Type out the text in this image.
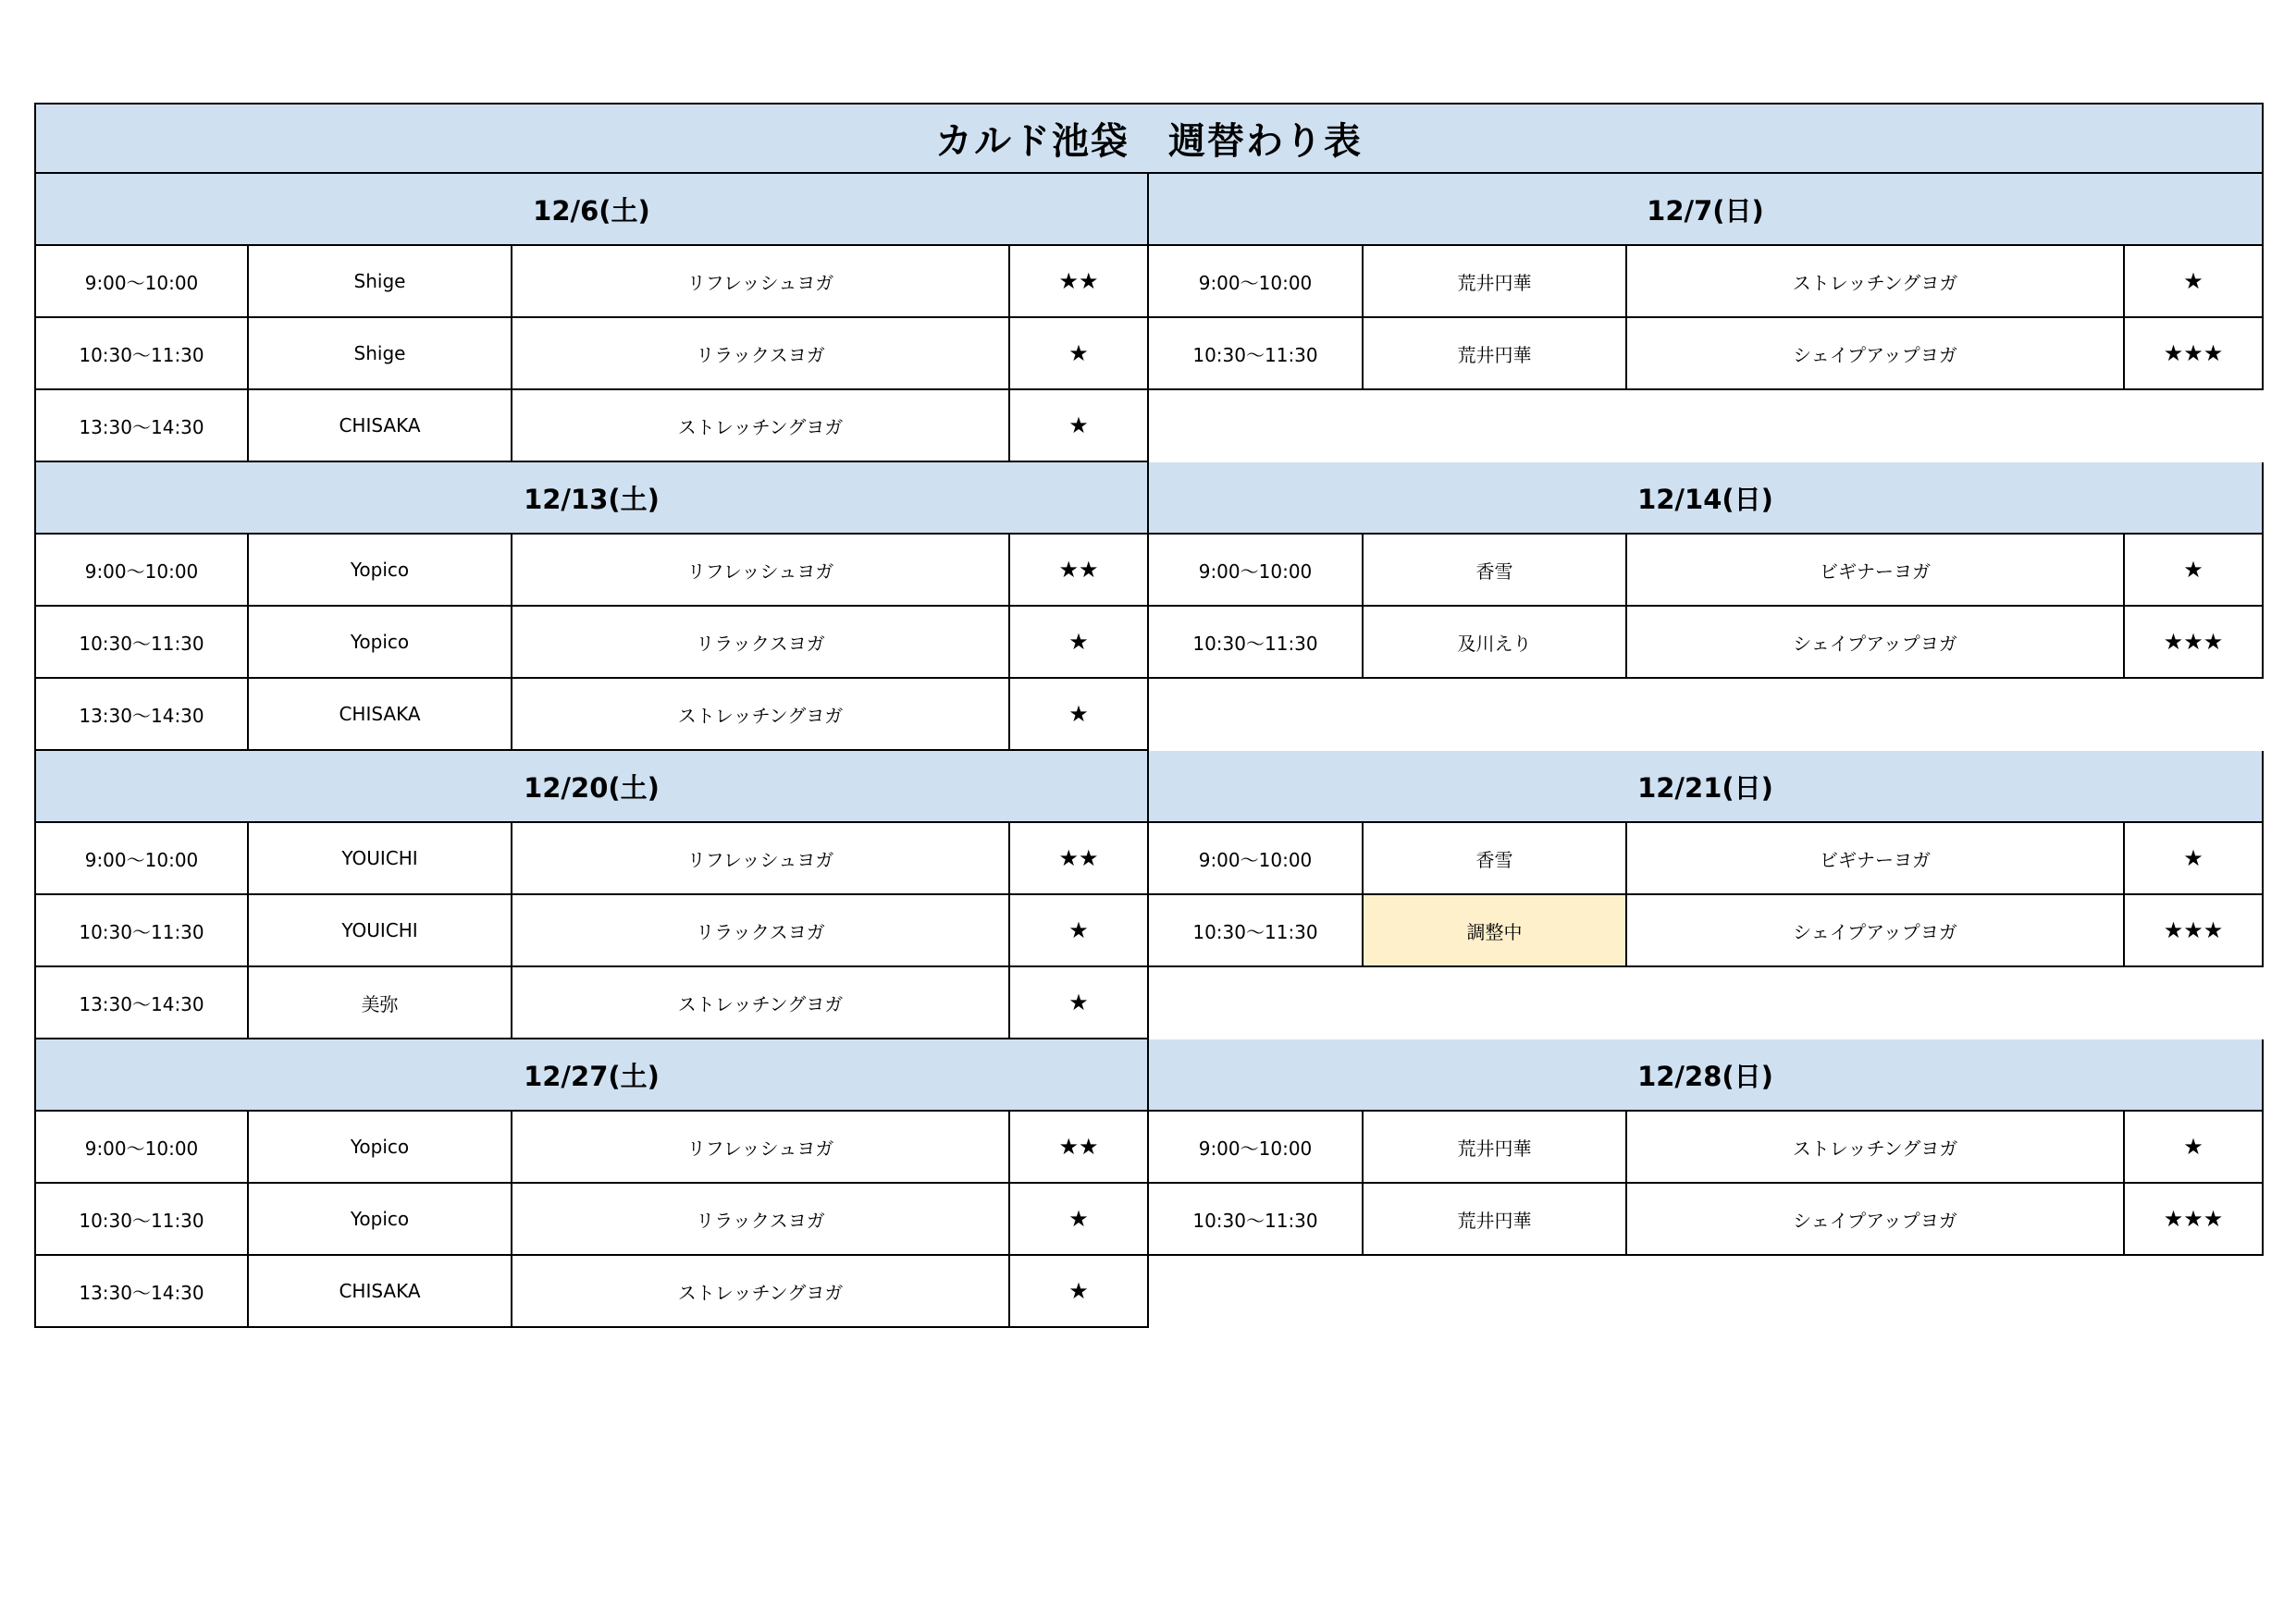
カルド池袋　週替わり表
12/6(土)
9:00～10:00	Shige	リフレッシュヨガ	★★
10:30～11:30	Shige	リラックスヨガ	★
13:30～14:30	CHISAKA	ストレッチングヨガ	★
12/7(日)
9:00～10:00	荒井円華	ストレッチングヨガ	★
10:30～11:30	荒井円華	シェイプアップヨガ	★★★
12/13(土)
9:00～10:00	Yopico	リフレッシュヨガ	★★
10:30～11:30	Yopico	リラックスヨガ	★
13:30～14:30	CHISAKA	ストレッチングヨガ	★
12/14(日)
9:00～10:00	香雪	ビギナーヨガ	★
10:30～11:30	及川えり	シェイプアップヨガ	★★★
12/20(土)
9:00～10:00	YOUICHI	リフレッシュヨガ	★★
10:30～11:30	YOUICHI	リラックスヨガ	★
13:30～14:30	美弥	ストレッチングヨガ	★
12/21(日)
9:00～10:00	香雪	ビギナーヨガ	★
10:30～11:30	調整中	シェイプアップヨガ	★★★
12/27(土)
9:00～10:00	Yopico	リフレッシュヨガ	★★
10:30～11:30	Yopico	リラックスヨガ	★
13:30～14:30	CHISAKA	ストレッチングヨガ	★
12/28(日)
9:00～10:00	荒井円華	ストレッチングヨガ	★
10:30～11:30	荒井円華	シェイプアップヨガ	★★★
